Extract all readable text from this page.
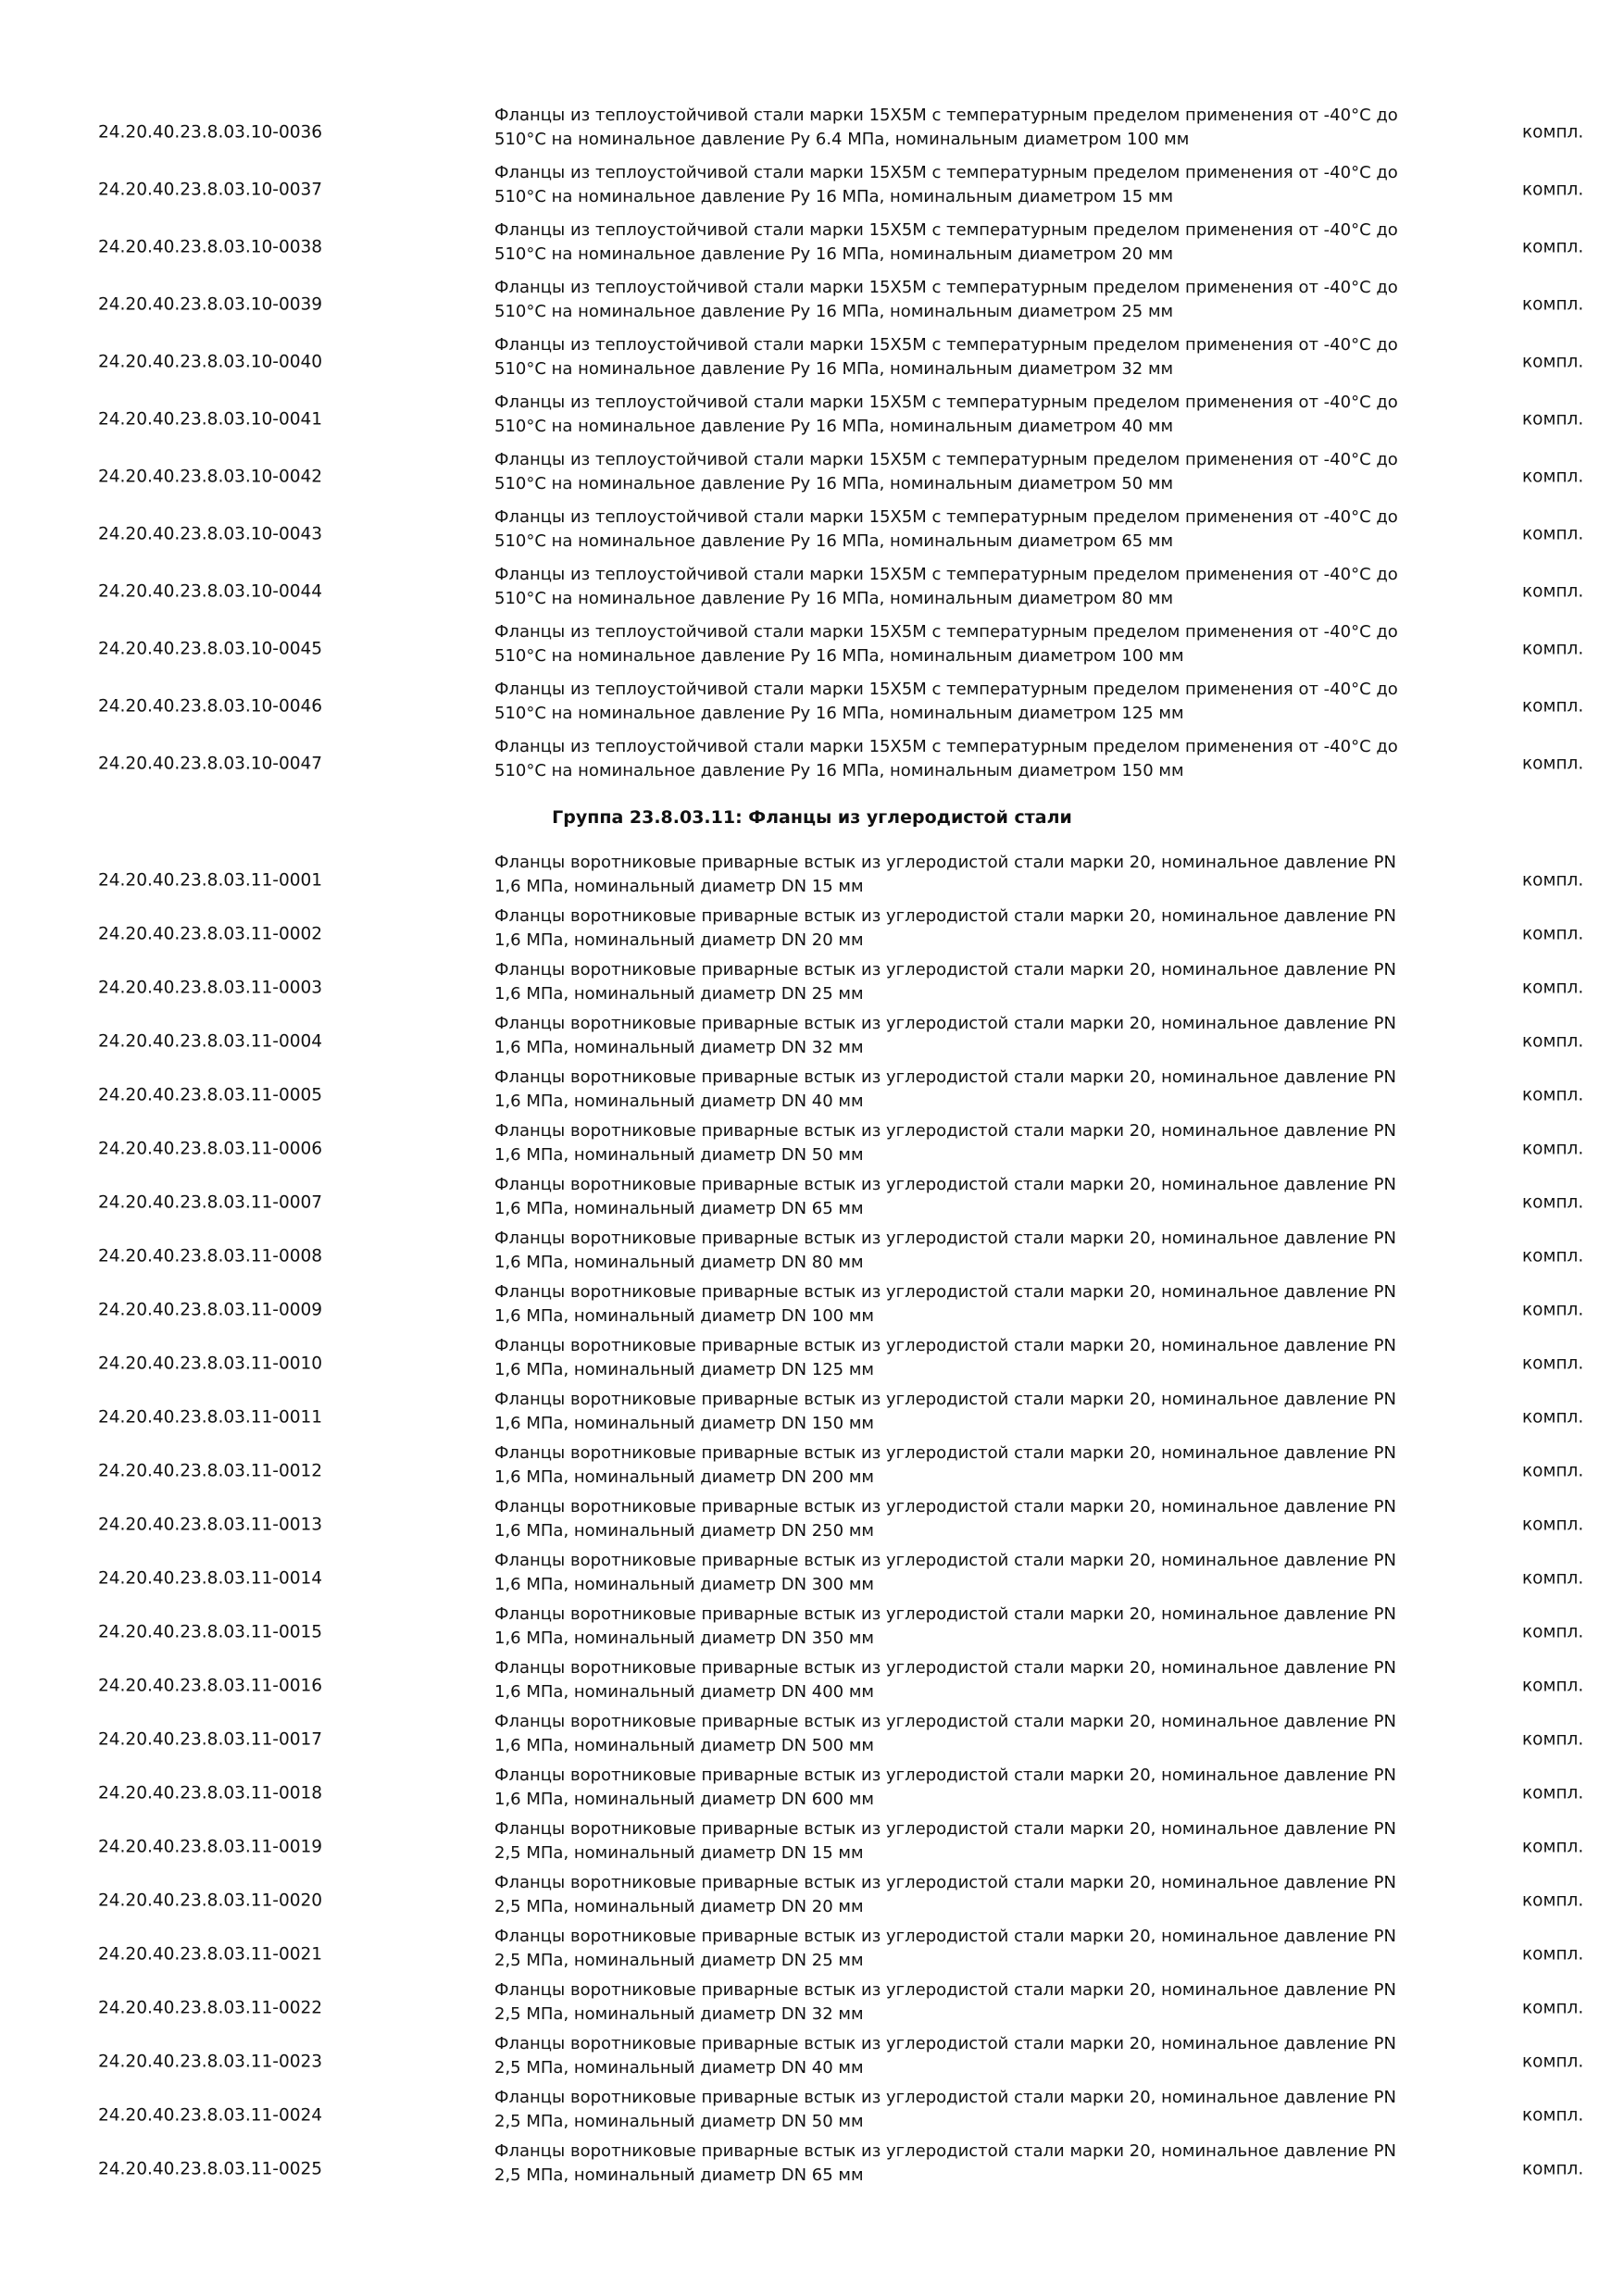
24.20.40.23.8.03.10-0036
Фланцы из теплоустойчивой стали марки 15Х5М с температурным пределом применения от -40°С до
510°С на номинальное давление Ру 6.4 МПа, номинальным диаметром 100 мм	компл.
24.20.40.23.8.03.10-0037
Фланцы из теплоустойчивой стали марки 15Х5М с температурным пределом применения от -40°С до
510°С на номинальное давление Ру 16 МПа, номинальным диаметром 15 мм	компл.
24.20.40.23.8.03.10-0038
Фланцы из теплоустойчивой стали марки 15Х5М с температурным пределом применения от -40°С до
510°С на номинальное давление Ру 16 МПа, номинальным диаметром 20 мм	компл.
24.20.40.23.8.03.10-0039
Фланцы из теплоустойчивой стали марки 15Х5М с температурным пределом применения от -40°С до
510°С на номинальное давление Ру 16 МПа, номинальным диаметром 25 мм	компл.
24.20.40.23.8.03.10-0040
Фланцы из теплоустойчивой стали марки 15Х5М с температурным пределом применения от -40°С до
510°С на номинальное давление Ру 16 МПа, номинальным диаметром 32 мм	компл.
24.20.40.23.8.03.10-0041
Фланцы из теплоустойчивой стали марки 15Х5М с температурным пределом применения от -40°С до
510°С на номинальное давление Ру 16 МПа, номинальным диаметром 40 мм	компл.
24.20.40.23.8.03.10-0042
Фланцы из теплоустойчивой стали марки 15Х5М с температурным пределом применения от -40°С до
510°С на номинальное давление Ру 16 МПа, номинальным диаметром 50 мм	компл.
24.20.40.23.8.03.10-0043
Фланцы из теплоустойчивой стали марки 15Х5М с температурным пределом применения от -40°С до
510°С на номинальное давление Ру 16 МПа, номинальным диаметром 65 мм	компл.
24.20.40.23.8.03.10-0044
Фланцы из теплоустойчивой стали марки 15Х5М с температурным пределом применения от -40°С до
510°С на номинальное давление Ру 16 МПа, номинальным диаметром 80 мм	компл.
24.20.40.23.8.03.10-0045
Фланцы из теплоустойчивой стали марки 15Х5М с температурным пределом применения от -40°С до
510°С на номинальное давление Ру 16 МПа, номинальным диаметром 100 мм	компл.
24.20.40.23.8.03.10-0046
Фланцы из теплоустойчивой стали марки 15Х5М с температурным пределом применения от -40°С до
510°С на номинальное давление Ру 16 МПа, номинальным диаметром 125 мм	компл.
24.20.40.23.8.03.10-0047
Фланцы из теплоустойчивой стали марки 15Х5М с температурным пределом применения от -40°С до
510°С на номинальное давление Ру 16 МПа, номинальным диаметром 150 мм	компл.
Группа 23.8.03.11: Фланцы из углеродистой стали
24.20.40.23.8.03.11-0001
Фланцы воротниковые приварные встык из углеродистой стали марки 20, номинальное давление PN
1,6 МПа, номинальный диаметр DN 15 мм	компл.
24.20.40.23.8.03.11-0002
Фланцы воротниковые приварные встык из углеродистой стали марки 20, номинальное давление PN
1,6 МПа, номинальный диаметр DN 20 мм	компл.
24.20.40.23.8.03.11-0003
Фланцы воротниковые приварные встык из углеродистой стали марки 20, номинальное давление PN
1,6 МПа, номинальный диаметр DN 25 мм	компл.
24.20.40.23.8.03.11-0004
Фланцы воротниковые приварные встык из углеродистой стали марки 20, номинальное давление PN
1,6 МПа, номинальный диаметр DN 32 мм	компл.
24.20.40.23.8.03.11-0005
Фланцы воротниковые приварные встык из углеродистой стали марки 20, номинальное давление PN
1,6 МПа, номинальный диаметр DN 40 мм	компл.
24.20.40.23.8.03.11-0006
Фланцы воротниковые приварные встык из углеродистой стали марки 20, номинальное давление PN
1,6 МПа, номинальный диаметр DN 50 мм	компл.
24.20.40.23.8.03.11-0007
Фланцы воротниковые приварные встык из углеродистой стали марки 20, номинальное давление PN
1,6 МПа, номинальный диаметр DN 65 мм	компл.
24.20.40.23.8.03.11-0008
Фланцы воротниковые приварные встык из углеродистой стали марки 20, номинальное давление PN
1,6 МПа, номинальный диаметр DN 80 мм	компл.
24.20.40.23.8.03.11-0009
Фланцы воротниковые приварные встык из углеродистой стали марки 20, номинальное давление PN
1,6 МПа, номинальный диаметр DN 100 мм	компл.
24.20.40.23.8.03.11-0010
Фланцы воротниковые приварные встык из углеродистой стали марки 20, номинальное давление PN
1,6 МПа, номинальный диаметр DN 125 мм	компл.
24.20.40.23.8.03.11-0011
Фланцы воротниковые приварные встык из углеродистой стали марки 20, номинальное давление PN
1,6 МПа, номинальный диаметр DN 150 мм	компл.
24.20.40.23.8.03.11-0012
Фланцы воротниковые приварные встык из углеродистой стали марки 20, номинальное давление PN
1,6 МПа, номинальный диаметр DN 200 мм	компл.
24.20.40.23.8.03.11-0013
Фланцы воротниковые приварные встык из углеродистой стали марки 20, номинальное давление PN
1,6 МПа, номинальный диаметр DN 250 мм	компл.
24.20.40.23.8.03.11-0014
Фланцы воротниковые приварные встык из углеродистой стали марки 20, номинальное давление PN
1,6 МПа, номинальный диаметр DN 300 мм	компл.
24.20.40.23.8.03.11-0015
Фланцы воротниковые приварные встык из углеродистой стали марки 20, номинальное давление PN
1,6 МПа, номинальный диаметр DN 350 мм	компл.
24.20.40.23.8.03.11-0016
Фланцы воротниковые приварные встык из углеродистой стали марки 20, номинальное давление PN
1,6 МПа, номинальный диаметр DN 400 мм	компл.
24.20.40.23.8.03.11-0017
Фланцы воротниковые приварные встык из углеродистой стали марки 20, номинальное давление PN
1,6 МПа, номинальный диаметр DN 500 мм	компл.
24.20.40.23.8.03.11-0018
Фланцы воротниковые приварные встык из углеродистой стали марки 20, номинальное давление PN
1,6 МПа, номинальный диаметр DN 600 мм	компл.
24.20.40.23.8.03.11-0019
Фланцы воротниковые приварные встык из углеродистой стали марки 20, номинальное давление PN
2,5 МПа, номинальный диаметр DN 15 мм	компл.
24.20.40.23.8.03.11-0020
Фланцы воротниковые приварные встык из углеродистой стали марки 20, номинальное давление PN
2,5 МПа, номинальный диаметр DN 20 мм	компл.
24.20.40.23.8.03.11-0021
Фланцы воротниковые приварные встык из углеродистой стали марки 20, номинальное давление PN
2,5 МПа, номинальный диаметр DN 25 мм	компл.
24.20.40.23.8.03.11-0022
Фланцы воротниковые приварные встык из углеродистой стали марки 20, номинальное давление PN
2,5 МПа, номинальный диаметр DN 32 мм	компл.
24.20.40.23.8.03.11-0023
Фланцы воротниковые приварные встык из углеродистой стали марки 20, номинальное давление PN
2,5 МПа, номинальный диаметр DN 40 мм	компл.
24.20.40.23.8.03.11-0024
Фланцы воротниковые приварные встык из углеродистой стали марки 20, номинальное давление PN
2,5 МПа, номинальный диаметр DN 50 мм	компл.
24.20.40.23.8.03.11-0025
Фланцы воротниковые приварные встык из углеродистой стали марки 20, номинальное давление PN
2,5 МПа, номинальный диаметр DN 65 мм	компл.
